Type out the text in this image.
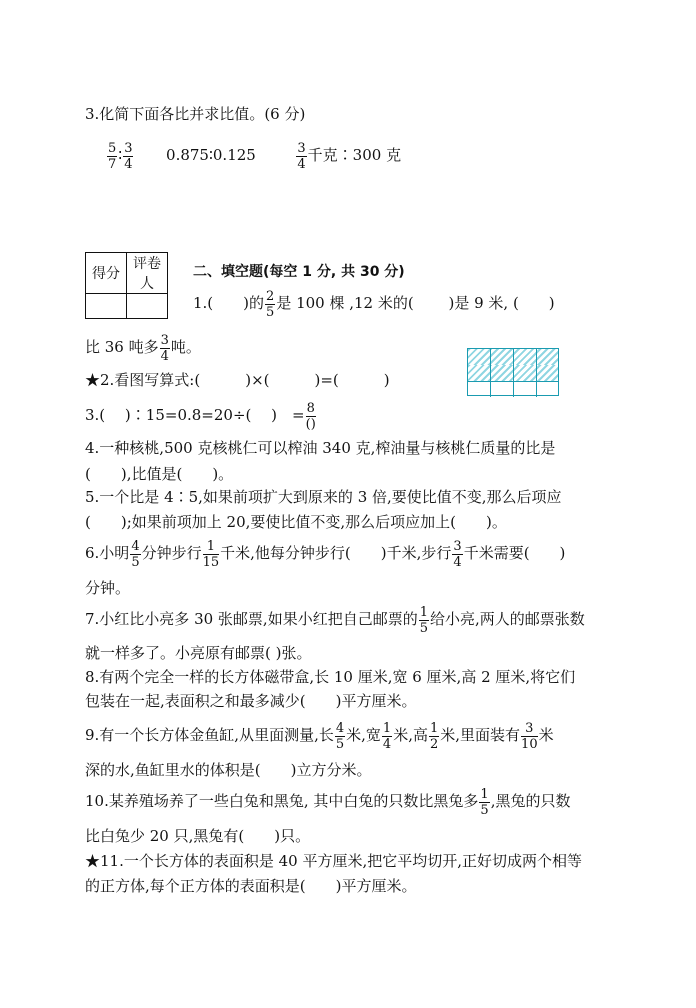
3.化简下面各比并求比值。(6 分)
$\frac{5}{7}$ ∶ $\frac{3}{4}$ 0.875∶0.125	$\frac{3}{4}$ 千克∶300 克
得分	评卷人

二、填空题(每空 1 分, 共 30 分)
1.(　　)的 $\frac{2}{5}$ 是 100 棵 ,12 米的(　　 )是 9 米, (　　)
比 36 吨多 $\frac{3}{4}$ 吨。
★2.看图写算式:(　　　)×(　　　)=(　　　)
3.(　 )∶15=0.8=20÷(　 )　= 8
()
4.一种核桃,500 克核桃仁可以榨油 340 克,榨油量与核桃仁质量的比是
(　　),比值是(　　)。
5.一个比是 4∶5,如果前项扩大到原来的 3 倍,要使比值不变,那么后项应
(　　);如果前项加上 20,要使比值不变,那么后项应加上(　　)。
6.小明 $\frac{4}{5}$ 分钟步行 $\frac{1}{15}$ 千米,他每分钟步行(　　)千米,步行 $\frac{3}{4}$ 千米需要(　　)
分钟。
7.小红比小亮多 30 张邮票,如果小红把自己邮票的 $\frac{1}{5}$ 给小亮,两人的邮票张数
就一样多了。小亮原有邮票( )张。
8.有两个完全一样的长方体磁带盒,长 10 厘米,宽 6 厘米,高 2 厘米,将它们
包装在一起,表面积之和最多减少(　　)平方厘米。
9.有一个长方体金鱼缸,从里面测量,长 $\frac{4}{5}$ 米,宽 $\frac{1}{4}$ 米,高 $\frac{1}{2}$ 米,里面装有 $\frac{3}{10}$ 米
深的水,鱼缸里水的体积是(　　)立方分米。
10.某养殖场养了一些白兔和黑兔, 其中白兔的只数比黑兔多 $\frac{1}{5}$ ,黑兔的只数
比白兔少 20 只,黑兔有(　　)只。
★11.一个长方体的表面积是 40 平方厘米,把它平均切开,正好切成两个相等
的正方体,每个正方体的表面积是(　　)平方厘米。
